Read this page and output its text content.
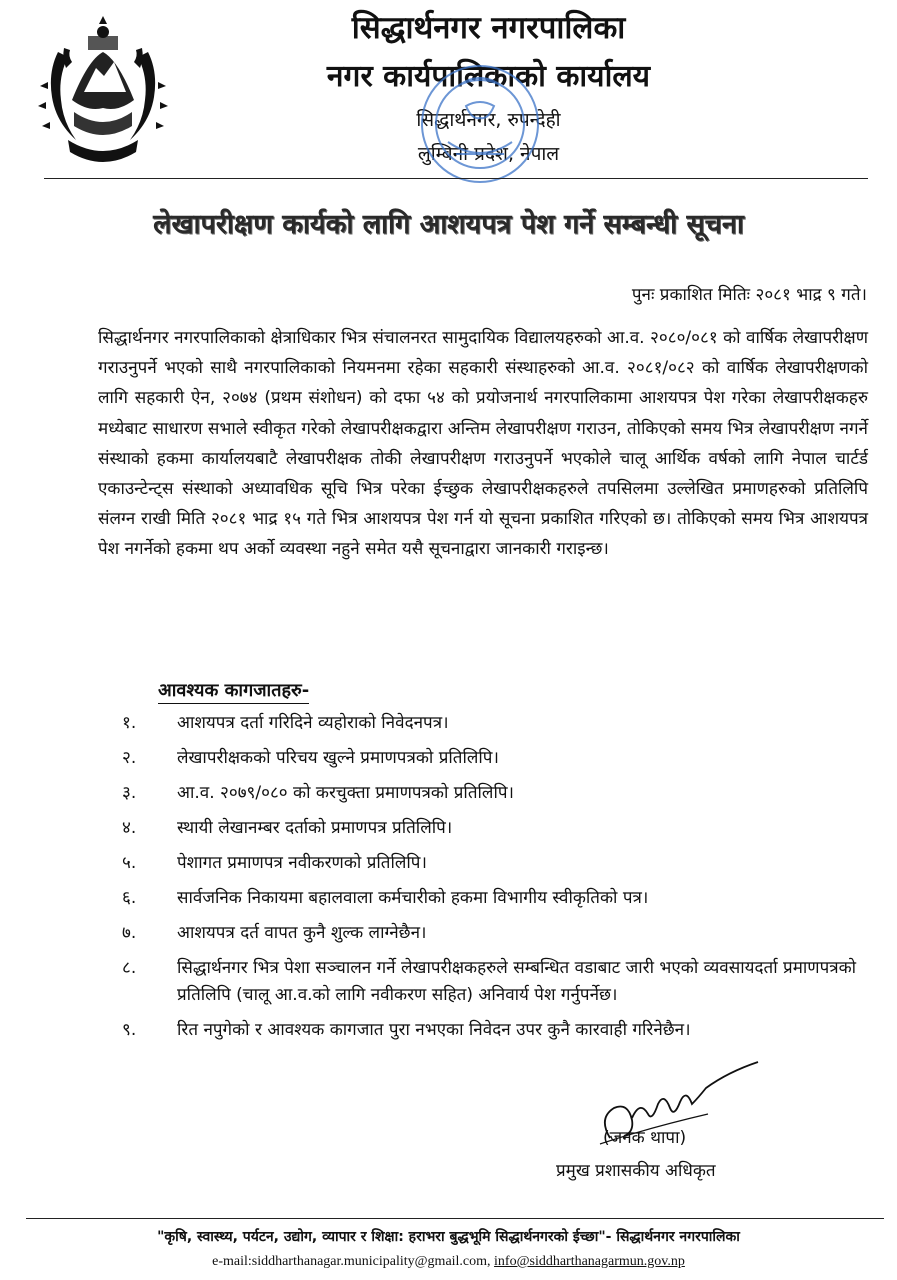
सिद्धार्थनगर नगरपालिका
नगर कार्यपालिकाको कार्यालय
सिद्धार्थनगर, रुपन्देही
लुम्बिनी प्रदेश, नेपाल
लेखापरीक्षण कार्यको लागि आशयपत्र पेश गर्ने सम्बन्धी सूचना
पुनः प्रकाशित मितिः २०८१ भाद्र ९ गते।

सिद्धार्थनगर नगरपालिकाको क्षेत्राधिकार भित्र संचालनरत सामुदायिक विद्यालयहरुको आ.व. २०८०/०८१ को वार्षिक लेखापरीक्षण गराउनुपर्ने भएको साथै नगरपालिकाको नियमनमा रहेका सहकारी संस्थाहरुको आ.व. २०८१/०८२ को वार्षिक लेखापरीक्षणको लागि सहकारी ऐन, २०७४ (प्रथम संशोधन) को दफा ५४ को प्रयोजनार्थ नगरपालिकामा आशयपत्र पेश गरेका लेखापरीक्षकहरु मध्येबाट साधारण सभाले स्वीकृत गरेको लेखापरीक्षकद्वारा अन्तिम लेखापरीक्षण गराउन, तोकिएको समय भित्र लेखापरीक्षण नगर्ने संस्थाको हकमा कार्यालयबाटै लेखापरीक्षक तोकी लेखापरीक्षण गराउनुपर्ने भएकोले चालू आर्थिक वर्षको लागि नेपाल चार्टर्ड एकाउन्टेन्ट्स संस्थाको अध्यावधिक सूचि भित्र परेका ईच्छुक लेखापरीक्षकहरुले तपसिलमा उल्लेखित प्रमाणहरुको प्रतिलिपि संलग्न राखी मिति २०८१ भाद्र १५ गते भित्र आशयपत्र पेश गर्न यो सूचना प्रकाशित गरिएको छ। तोकिएको समय भित्र आशयपत्र पेश नगर्नेको हकमा थप अर्को व्यवस्था नहुने समेत यसै सूचनाद्वारा जानकारी गराइन्छ।

आवश्यक कागजातहरु-
१.	आशयपत्र दर्ता गरिदिने व्यहोराको निवेदनपत्र।
२.	लेखापरीक्षकको परिचय खुल्ने प्रमाणपत्रको प्रतिलिपि।
३.	आ.व. २०७९/०८० को करचुक्ता प्रमाणपत्रको प्रतिलिपि।
४.	स्थायी लेखानम्बर दर्ताको प्रमाणपत्र प्रतिलिपि।
५.	पेशागत प्रमाणपत्र नवीकरणको प्रतिलिपि।
६.	सार्वजनिक निकायमा बहालवाला कर्मचारीको हकमा विभागीय स्वीकृतिको पत्र।
७.	आशयपत्र दर्त वापत कुनै शुल्क लाग्नेछैन।
८.	सिद्धार्थनगर भित्र पेशा सञ्चालन गर्ने लेखापरीक्षकहरुले सम्बन्धित वडाबाट जारी भएको व्यवसायदर्ता प्रमाणपत्रको प्रतिलिपि (चालू आ.व.को लागि नवीकरण सहित) अनिवार्य पेश गर्नुपर्नेछ।
९.	रित नपुगेको र आवश्यक कागजात पुरा नभएका निवेदन उपर कुनै कारवाही गरिनेछैन।
(जनक थापा)
प्रमुख प्रशासकीय अधिकृत
"कृषि, स्वास्थ्य, पर्यटन, उद्योग, व्यापार र शिक्षा: हराभरा बुद्धभूमि सिद्धार्थनगरको ईच्छा"- सिद्धार्थनगर नगरपालिका
e-mail:siddharthanagar.municipality@gmail.com, info@siddharthanagarmun.gov.np
